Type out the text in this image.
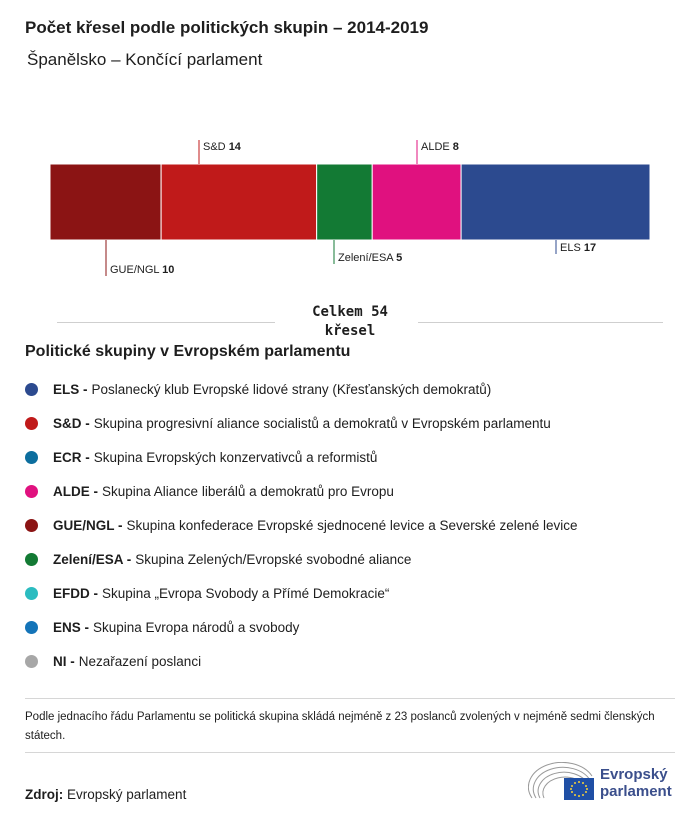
Počet křesel podle politických skupin – 2014-2019
Španělsko – Končící parlament
GUE/NGL 10
S&D 14
Zelení/ESA 5
ALDE 8
ELS 17
Celkem 54
křesel
Politické skupiny v Evropském parlamentu
ELS - Poslanecký klub Evropské lidové strany (Křesťanských demokratů)
S&D - Skupina progresivní aliance socialistů a demokratů v Evropském parlamentu
ECR - Skupina Evropských konzervativců a reformistů
ALDE - Skupina Aliance liberálů a demokratů pro Evropu
GUE/NGL - Skupina konfederace Evropské sjednocené levice a Severské zelené levice
Zelení/ESA - Skupina Zelených/Evropské svobodné aliance
EFDD - Skupina „Evropa Svobody a Přímé Demokracie“
ENS - Skupina Evropa národů a svobody
NI - Nezařazení poslanci
Podle jednacího řádu Parlamentu se politická skupina skládá nejméně z 23 poslanců zvolených v nejméně sedmi členských státech.
Zdroj: Evropský parlament
Evropský
parlament
